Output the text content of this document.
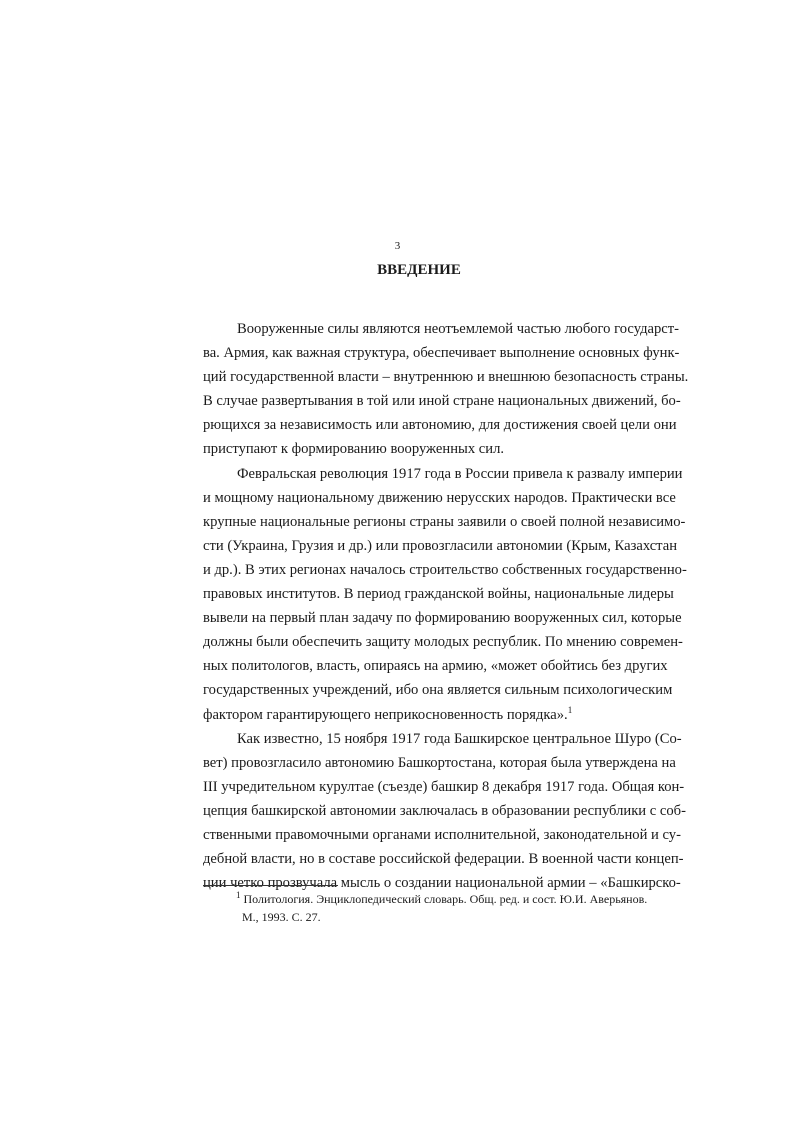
3
ВВЕДЕНИЕ
Вооруженные силы являются неотъемлемой частью любого государст-
ва. Армия, как важная структура, обеспечивает выполнение основных функ-
ций государственной власти – внутреннюю и внешнюю безопасность страны.
В случае развертывания в той или иной стране национальных движений, бо-
рющихся за независимость или автономию, для достижения своей цели они
приступают к формированию вооруженных сил.
Февральская революция 1917 года в России привела к развалу империи
и мощному национальному движению нерусских народов. Практически все
крупные национальные регионы страны заявили о своей полной независимо-
сти (Украина, Грузия и др.) или провозгласили автономии (Крым, Казахстан
и др.). В этих регионах началось строительство собственных государственно-
правовых институтов. В период гражданской войны, национальные лидеры
вывели на первый план задачу по формированию вооруженных сил, которые
должны были обеспечить защиту молодых республик. По мнению современ-
ных политологов, власть, опираясь на армию, «может обойтись без других
государственных учреждений, ибо она является сильным психологическим
фактором гарантирующего неприкосновенность порядка».$^1$
Как известно, 15 ноября 1917 года Башкирское центральное Шуро (Со-
вет) провозгласило автономию Башкортостана, которая была утверждена на
III учредительном курултае (съезде) башкир 8 декабря 1917 года. Общая кон-
цепция башкирской автономии заключалась в образовании республики с соб-
ственными правомочными органами исполнительной, законодательной и су-
дебной власти, но в составе российской федерации. В военной части концеп-
ции четко прозвучала мысль о создании национальной армии – «Башкирско-
$^1$ Политология. Энциклопедический словарь. Общ. ред. и сост. Ю.И. Аверьянов.
М., 1993. С. 27.
